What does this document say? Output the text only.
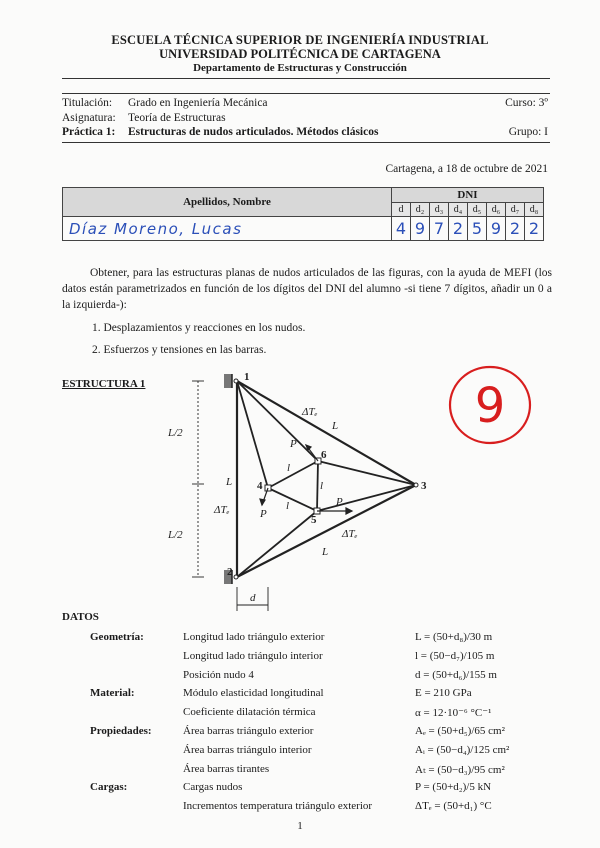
ESCUELA TÉCNICA SUPERIOR DE INGENIERÍA INDUSTRIAL
UNIVERSIDAD POLITÉCNICA DE CARTAGENA
Departamento de Estructuras y Construcción
Titulación: Grado en Ingeniería Mecánica	Curso: 3º
Asignatura: Teoría de Estructuras
Práctica 1: Estructuras de nudos articulados. Métodos clásicos	Grupo: I
Cartagena, a 18 de octubre de 2021
Apellidos, Nombre	DNI							
	d	d₂	d₃	d₄	d₅	d₆	d₇	d₈
Díaz Moreno, Lucas	4	9	7	2	5	9	2	2
Obtener, para las estructuras planas de nudos articulados de las figuras, con la ayuda de MEFI (los datos están parametrizados en función de los dígitos del DNI del alumno -si tiene 7 dígitos, añadir un 0 a la izquierda-):
1. Desplazamientos y reacciones en los nudos.
2. Esfuerzos y tensiones en las barras.
ESTRUCTURA 1	9
1
2
3
4
5
6
L/2
L/2
L
L
L
ΔTₑ
ΔTₑ
ΔTₑ
l
l
l
P
P
P
d
DATOS
Geometría:	Longitud lado triángulo exterior	L = (50+d₈)/30 m
Longitud lado triángulo interior	l = (50−d₇)/105 m
Posición nudo 4	d = (50+d₆)/155 m
Material:	Módulo elasticidad longitudinal	E = 210 GPa
Coeficiente dilatación térmica	α = 12·10⁻⁶ °C⁻¹
Propiedades:	Área barras triángulo exterior	Aₑ = (50+d₅)/65 cm²
Área barras triángulo interior	Aᵢ = (50−d₄)/125 cm²
Área barras tirantes	Aₜ = (50−d₃)/95 cm²
Cargas:	Cargas nudos	P = (50+d₂)/5 kN
Incrementos temperatura triángulo exterior	ΔTₑ = (50+d₁) °C
1
